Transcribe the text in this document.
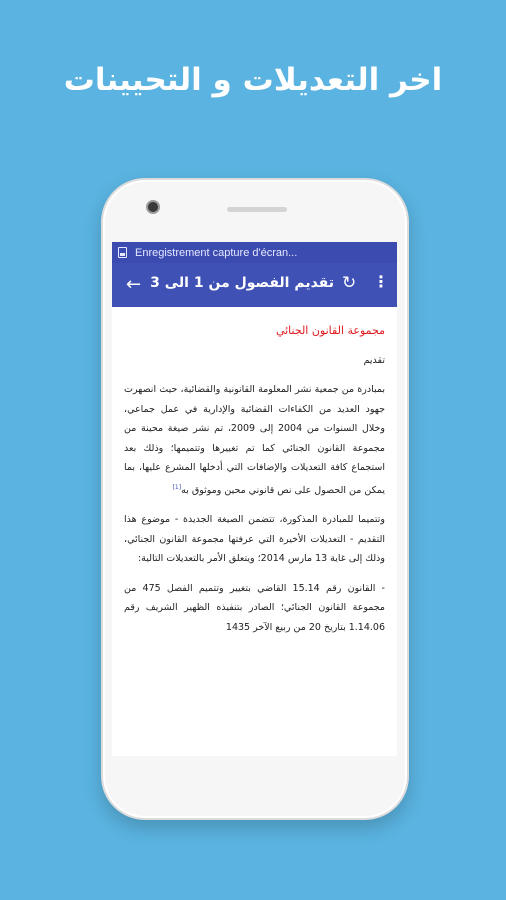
اخر التعديلات و التحيينات
Enregistrement capture d'écran...
← تقديم الفصول من 1 الى 3 ↻ ⋮
مجموعة القانون الجنائي
تقديم

بمبادرة من جمعية نشر المعلومة القانونية والقضائية، حيث انصهرت جهود العديد من الكفاءات القضائية والإدارية في عمل جماعي، وخلال السنوات من 2004 إلى 2009، تم نشر صيغة محينة من مجموعة القانون الجنائي كما تم تغييرها وتتميمها؛ وذلك بعد استجماع كافة التعديلات والإضافات التي أدخلها المشرع عليها، بما يمكن من الحصول على نص قانوني محين وموثوق به[1]

وتتميما للمبادرة المذكورة، تتضمن الصيغة الجديدة - موضوع هذا التقديم - التعديلات الأخيرة التي عرفتها مجموعة القانون الجنائي، وذلك إلى غاية 13 مارس 2014؛ ويتعلق الأمر بالتعديلات التالية:

- القانون رقم 15.14 القاضي بتغيير وتتميم الفصل 475 من مجموعة القانون الجنائي؛ الصادر بتنفيذه الظهير الشريف رقم 1.14.06 بتاريخ 20 من ربيع الآخر 1435
